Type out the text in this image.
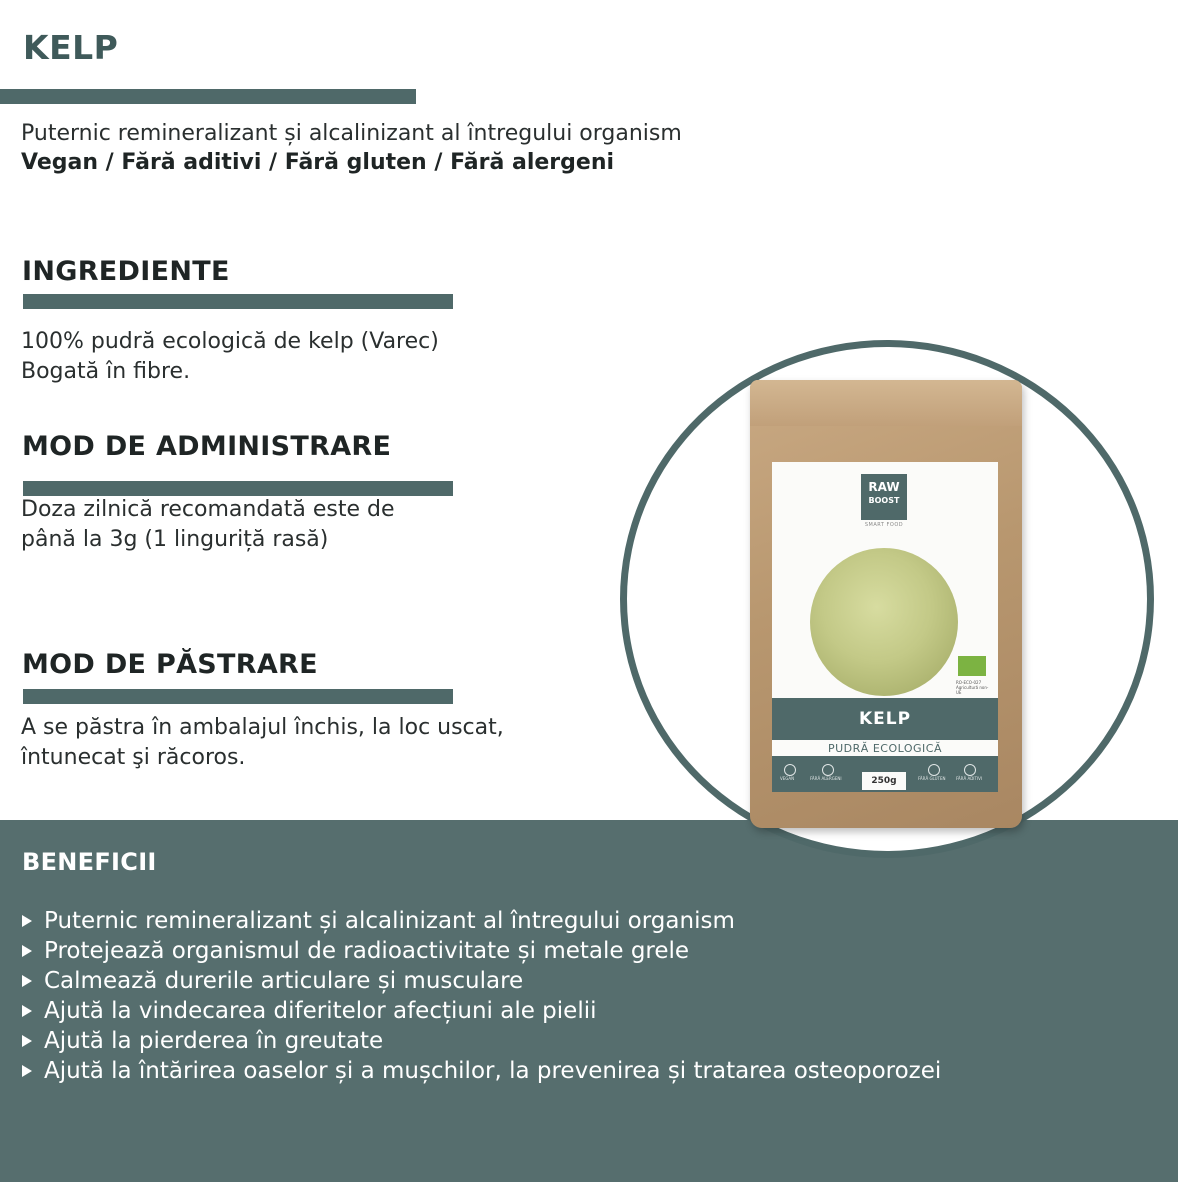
KELP
Puternic remineralizant și alcalinizant al întregului organism
Vegan / Fără aditivi / Fără gluten / Fără alergeni
INGREDIENTE
100% pudră ecologică de kelp (Varec)
Bogată în fibre.
MOD DE ADMINISTRARE
Doza zilnică recomandată este de
până la 3g (1 linguriță rasă)
MOD DE PĂSTRARE
A se păstra în ambalajul închis, la loc uscat,
întunecat şi răcoros.
BENEFICII
Puternic remineralizant și alcalinizant al întregului organism
Protejează organismul de radioactivitate și metale grele
Calmează durerile articulare și musculare
Ajută la vindecarea diferitelor afecțiuni ale pielii
Ajută la pierderea în greutate
Ajută la întărirea oaselor și a mușchilor, la prevenirea și tratarea osteoporozei
RAW
BOOST
SMART FOOD
RO-ECO-027 Agricultură non-UE
KELP
PUDRĂ ECOLOGICĂ
VEGAN	FĂRĂ ALERGENI	FĂRĂ GLUTEN	FĂRĂ ADITIVI
250g
